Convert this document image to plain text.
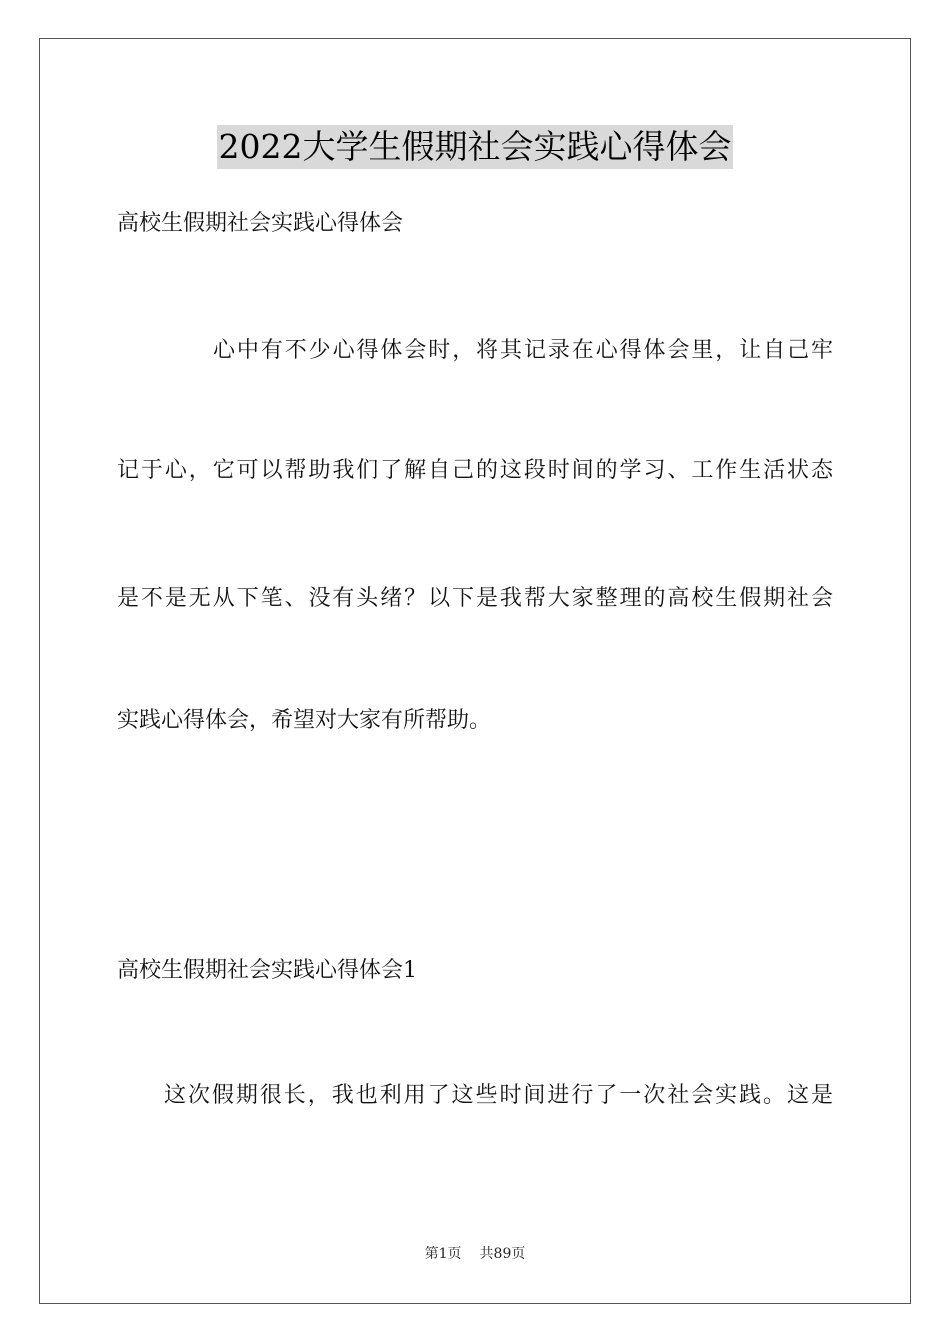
2022大学生假期社会实践心得体会
高校生假期社会实践心得体会
心中有不少心得体会时，将其记录在心得体会里，让自己牢
记于心，它可以帮助我们了解自己的这段时间的学习、工作生活状态
是不是无从下笔、没有头绪？以下是我帮大家整理的高校生假期社会
实践心得体会，希望对大家有所帮助。
高校生假期社会实践心得体会1
这次假期很长，我也利用了这些时间进行了一次社会实践。这是
第1页 共89页
